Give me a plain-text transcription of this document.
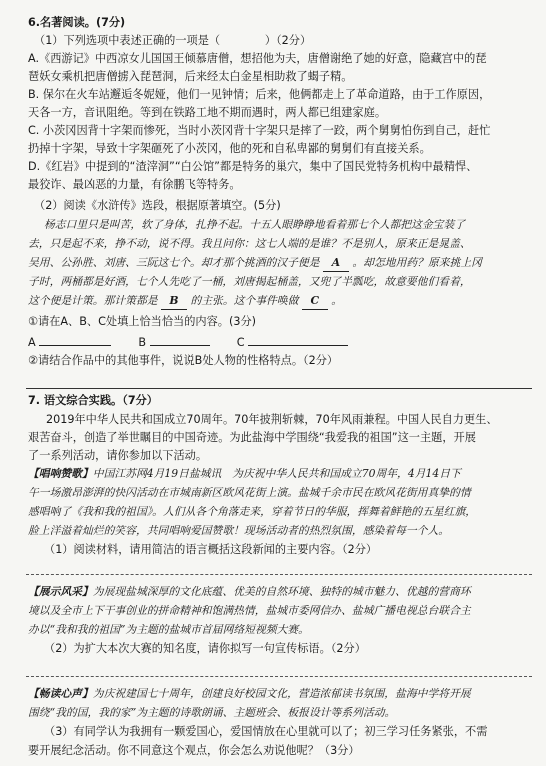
6.名著阅读。(7分)
（1）下列选项中表述正确的一项是（　　　　）（2分）
A.《西游记》中西凉女儿国国王倾慕唐僧，想招他为夫，唐僧谢绝了她的好意，隐藏宫中的琵
琶妖女乘机把唐僧掳入琵琶洞，后来经太白金星相助救了蝎子精。
B. 保尔在火车站邂逅冬妮娅，他们一见钟情；后来，他俩都走上了革命道路，由于工作原因，
天各一方，音讯阻绝。等到在铁路工地不期而遇时，两人都已组建家庭。
C. 小茨冈因背十字架而惨死，当时小茨冈背十字架只是摔了一跤，两个舅舅怕伤到自己，赶忙
扔掉十字架，导致十字架砸死了小茨冈，他的死和自私卑鄙的舅舅们有直接关系。
D.《红岩》中提到的“渣滓洞”“白公馆”都是特务的巢穴，集中了国民党特务机构中最精悍、
最狡诈、最凶恶的力量，有徐鹏飞等特务。
（2）阅读《水浒传》选段，根据原著填空。(5分)
杨志口里只是叫苦，软了身体，扎挣不起。十五人眼睁睁地看着那七个人都把这金宝装了
去，只是起不来，挣不动，说不得。我且问你：这七人端的是谁？不是别人，原来正是晁盖、
吴用、公孙胜、刘唐、三阮这七个。却才那个挑酒的汉子便是 A 。却怎地用药？原来挑上冈
子时，两桶都是好酒，七个人先吃了一桶，刘唐揭起桶盖，又兜了半瓢吃，故意要他们看着，
这个便是计策。那计策都是 B 的主张。这个事件唤做 C 。
①请在A、B、C处填上恰当恰当的内容。(3分)
A	B	C
②请结合作品中的其他事件，说说B处人物的性格特点。（2分）
7. 语文综合实践。（7分）
2019年中华人民共和国成立70周年。70年披荆斩棘，70年风雨兼程。中国人民自力更生、
艰苦奋斗，创造了举世瞩目的中国奇迹。为此盐海中学围绕“我爱我的祖国”这一主题，开展
了一系列活动，请你参加以下活动。
【唱响赞歌】中国江苏网4月19日盐城讯　为庆祝中华人民共和国成立70周年，4月14日下
午一场激昂澎湃的快闪活动在市城南新区欧风花街上演。盐城千余市民在欧风花街用真挚的情
感唱响了《我和我的祖国》。人们从各个角落走来，穿着节日的华服，挥舞着鲜艳的五星红旗，
脸上洋溢着灿烂的笑容，共同唱响爱国赞歌！现场活动者的热烈氛围，感染着每一个人。
（1）阅读材料，请用简洁的语言概括这段新闻的主要内容。（2分）
【展示风采】为展现盐城深厚的文化底蕴、优美的自然环境、独特的城市魅力、优越的营商环
境以及全市上下干事创业的拼命精神和饱满热情，盐城市委网信办、盐城广播电视总台联合主
办以“我和我的祖国”为主题的盐城市首届网络短视频大赛。
（2）为扩大本次大赛的知名度，请你拟写一句宣传标语。（2分）
【畅读心声】为庆祝建国七十周年，创建良好校园文化，营造浓郁读书氛围，盐海中学将开展
围绕“我的国，我的家”为主题的诗歌朗诵、主题班会、板报设计等系列活动。
（3）有同学认为我拥有一颗爱国心，爱国情放在心里就可以了；初三学习任务紧张，不需
要开展纪念活动。你不同意这个观点，你会怎么劝说他呢？（3分）
